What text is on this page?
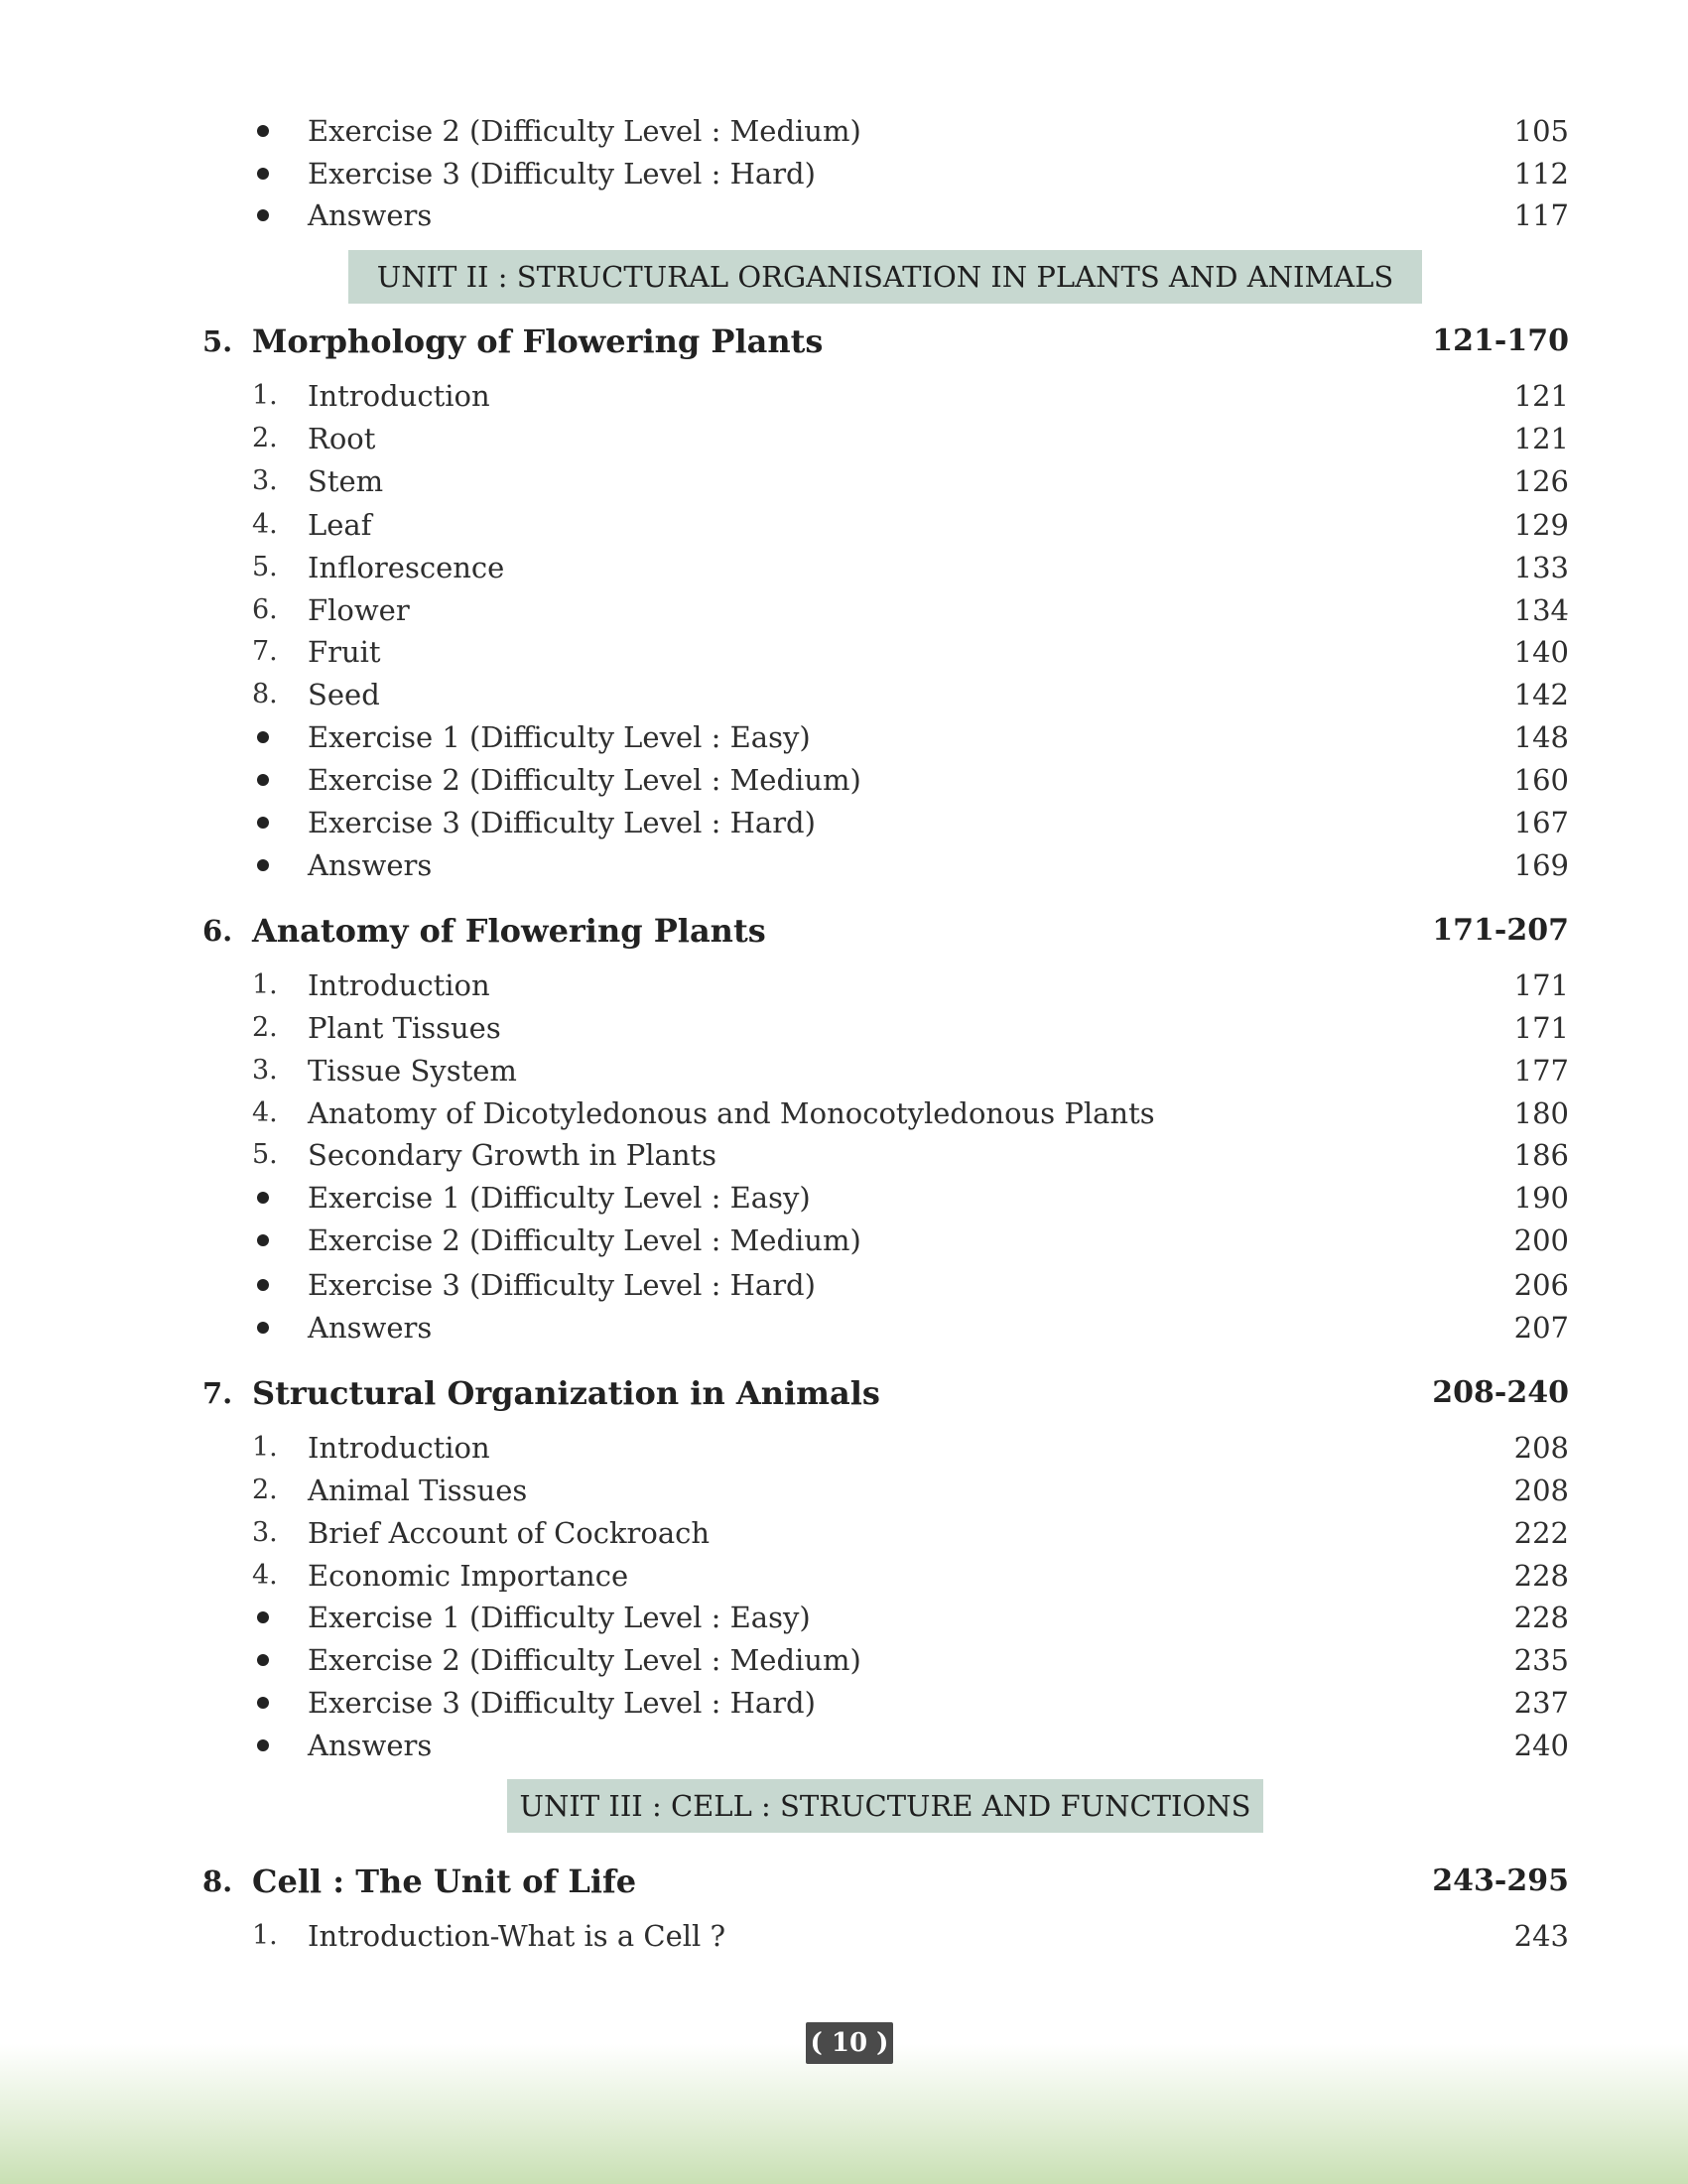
Exercise 2 (Difficulty Level : Medium)	105
Exercise 3 (Difficulty Level : Hard)	112
Answers	117
UNIT II : STRUCTURAL ORGANISATION IN PLANTS AND ANIMALS
5. Morphology of Flowering Plants	121-170
1. Introduction	121
2. Root	121
3. Stem	126
4. Leaf	129
5. Inflorescence	133
6. Flower	134
7. Fruit	140
8. Seed	142
Exercise 1 (Difficulty Level : Easy)	148
Exercise 2 (Difficulty Level : Medium)	160
Exercise 3 (Difficulty Level : Hard)	167
Answers	169
6. Anatomy of Flowering Plants	171-207
1. Introduction	171
2. Plant Tissues	171
3. Tissue System	177
4. Anatomy of Dicotyledonous and Monocotyledonous Plants	180
5. Secondary Growth in Plants	186
Exercise 1 (Difficulty Level : Easy)	190
Exercise 2 (Difficulty Level : Medium)	200
Exercise 3 (Difficulty Level : Hard)	206
Answers	207
7. Structural Organization in Animals	208-240
1. Introduction	208
2. Animal Tissues	208
3. Brief Account of Cockroach	222
4. Economic Importance	228
Exercise 1 (Difficulty Level : Easy)	228
Exercise 2 (Difficulty Level : Medium)	235
Exercise 3 (Difficulty Level : Hard)	237
Answers	240
UNIT III : CELL : STRUCTURE AND FUNCTIONS
8. Cell : The Unit of Life	243-295
1. Introduction-What is a Cell ?	243
( 10 )
